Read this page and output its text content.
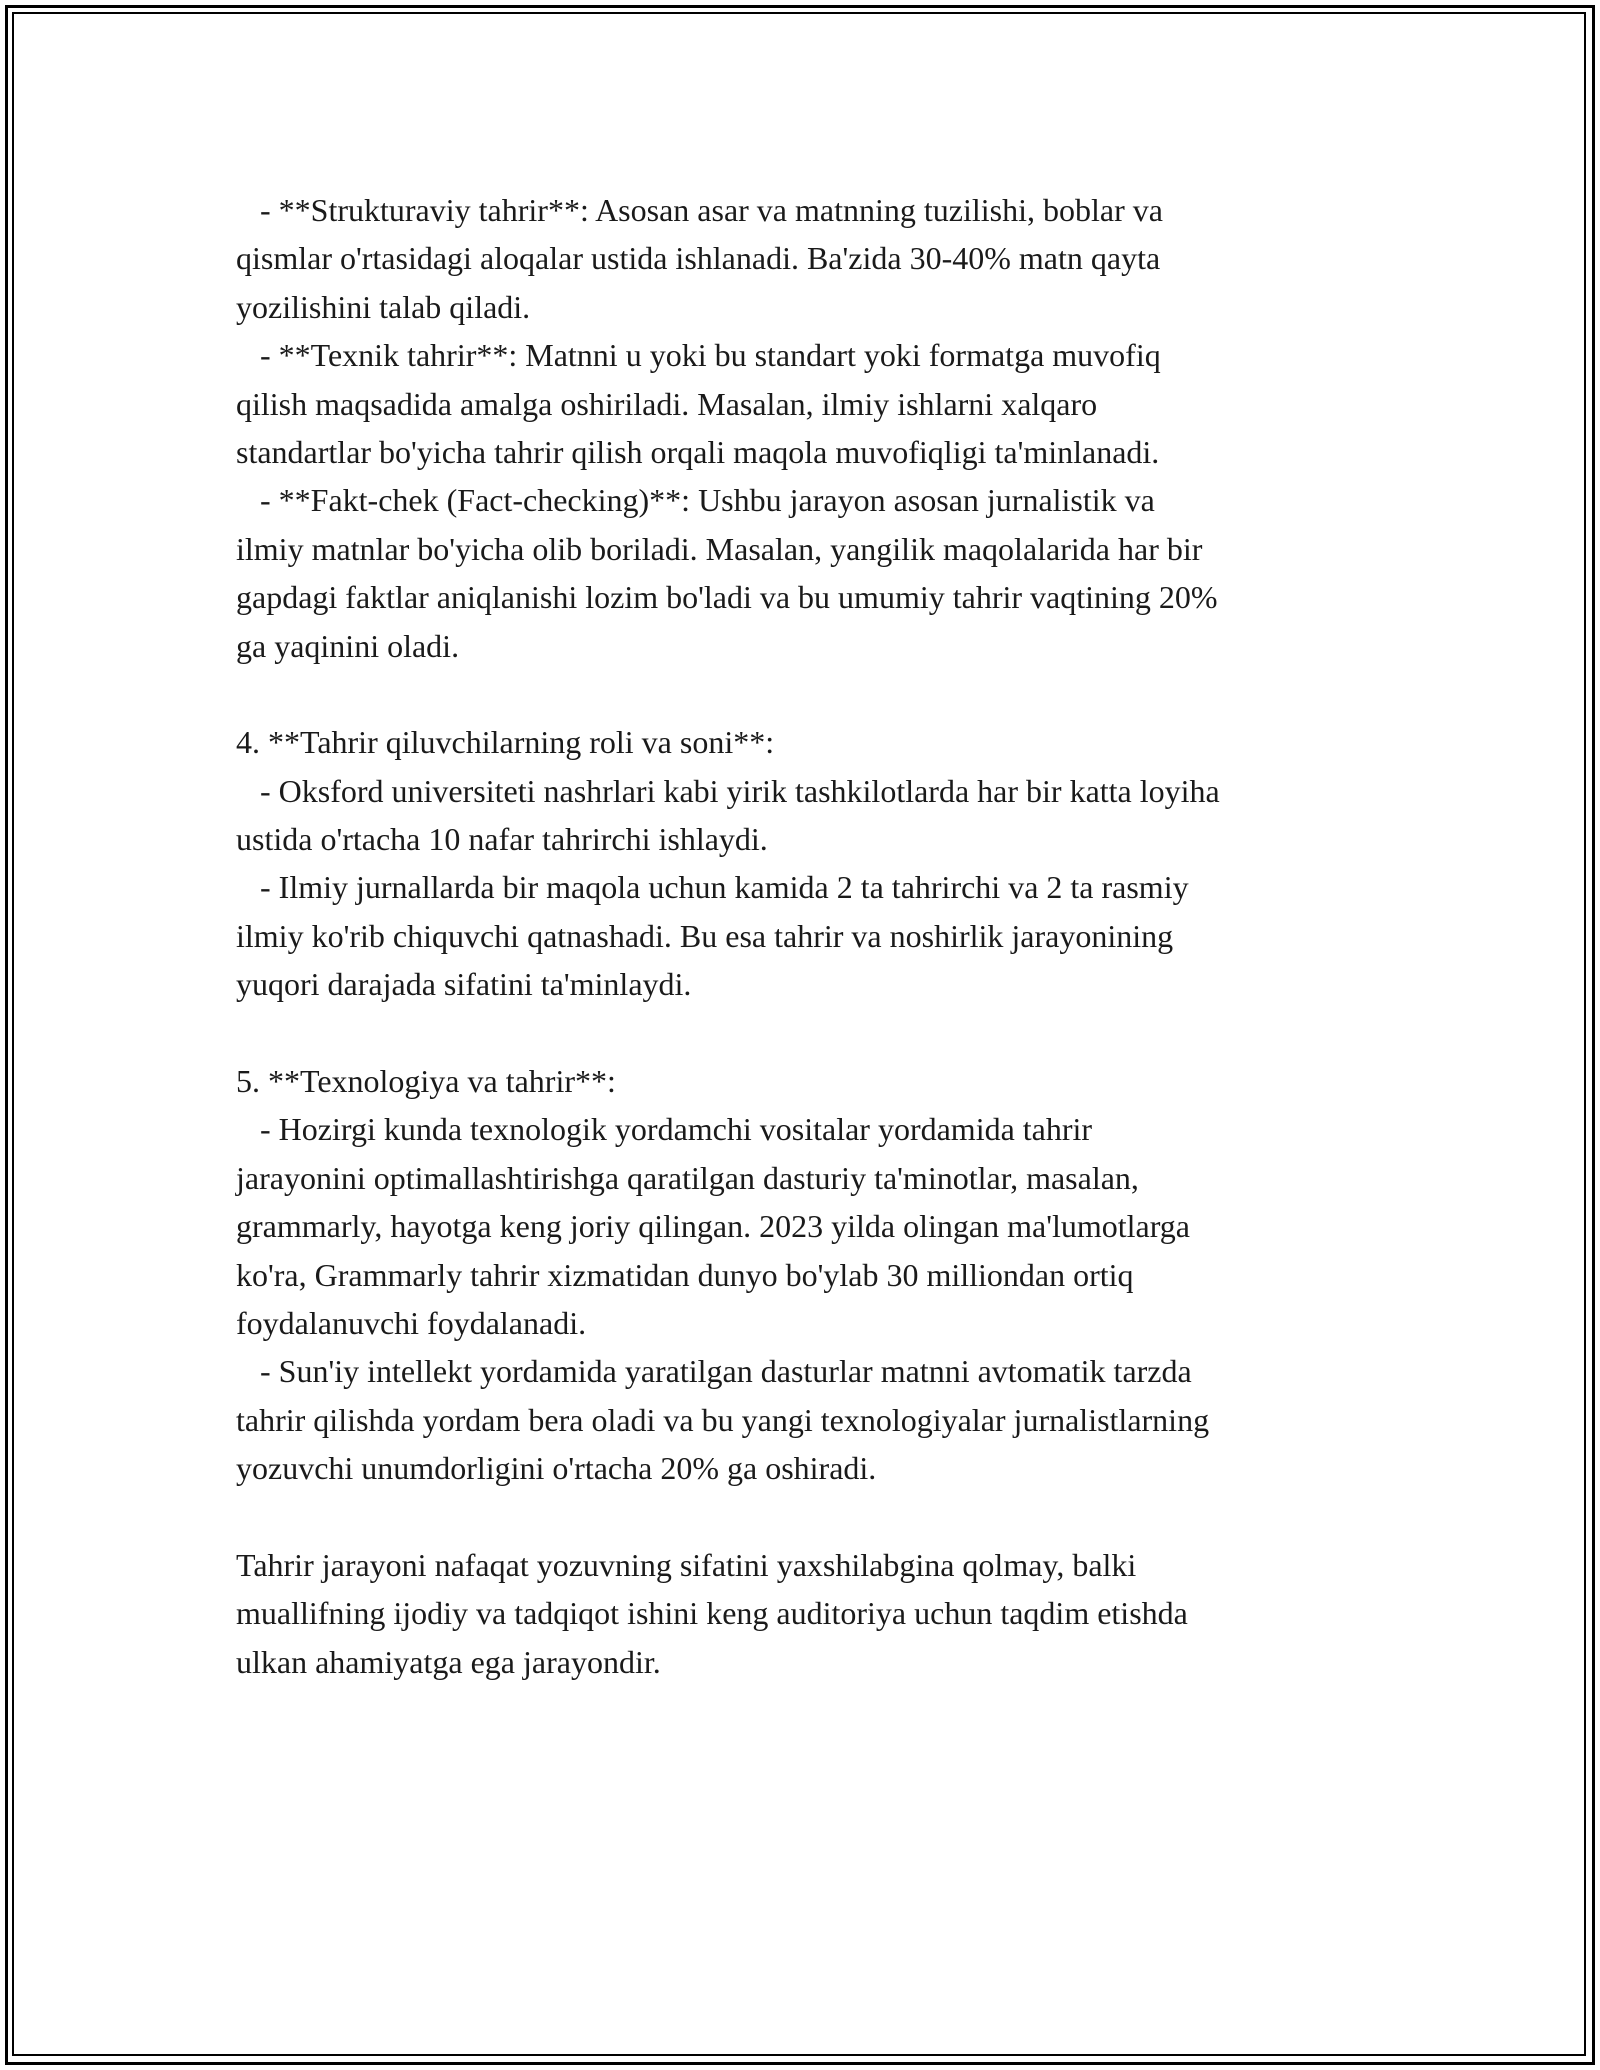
- **Strukturaviy tahrir**: Asosan asar va matnning tuzilishi, boblar va

qismlar o'rtasidagi aloqalar ustida ishlanadi. Ba'zida 30-40% matn qayta

yozilishini talab qiladi.

- **Texnik tahrir**: Matnni u yoki bu standart yoki formatga muvofiq

qilish maqsadida amalga oshiriladi. Masalan, ilmiy ishlarni xalqaro

standartlar bo'yicha tahrir qilish orqali maqola muvofiqligi ta'minlanadi.

- **Fakt-chek (Fact-checking)**: Ushbu jarayon asosan jurnalistik va

ilmiy matnlar bo'yicha olib boriladi. Masalan, yangilik maqolalarida har bir

gapdagi faktlar aniqlanishi lozim bo'ladi va bu umumiy tahrir vaqtining 20%

ga yaqinini oladi.

4. **Tahrir qiluvchilarning roli va soni**:

- Oksford universiteti nashrlari kabi yirik tashkilotlarda har bir katta loyiha

ustida o'rtacha 10 nafar tahrirchi ishlaydi.

- Ilmiy jurnallarda bir maqola uchun kamida 2 ta tahrirchi va 2 ta rasmiy

ilmiy ko'rib chiquvchi qatnashadi. Bu esa tahrir va noshirlik jarayonining

yuqori darajada sifatini ta'minlaydi.

5. **Texnologiya va tahrir**:

- Hozirgi kunda texnologik yordamchi vositalar yordamida tahrir

jarayonini optimallashtirishga qaratilgan dasturiy ta'minotlar, masalan,

grammarly, hayotga keng joriy qilingan. 2023 yilda olingan ma'lumotlarga

ko'ra, Grammarly tahrir xizmatidan dunyo bo'ylab 30 milliondan ortiq

foydalanuvchi foydalanadi.

- Sun'iy intellekt yordamida yaratilgan dasturlar matnni avtomatik tarzda

tahrir qilishda yordam bera oladi va bu yangi texnologiyalar jurnalistlarning

yozuvchi unumdorligini o'rtacha 20% ga oshiradi.

Tahrir jarayoni nafaqat yozuvning sifatini yaxshilabgina qolmay, balki

muallifning ijodiy va tadqiqot ishini keng auditoriya uchun taqdim etishda

ulkan ahamiyatga ega jarayondir.
